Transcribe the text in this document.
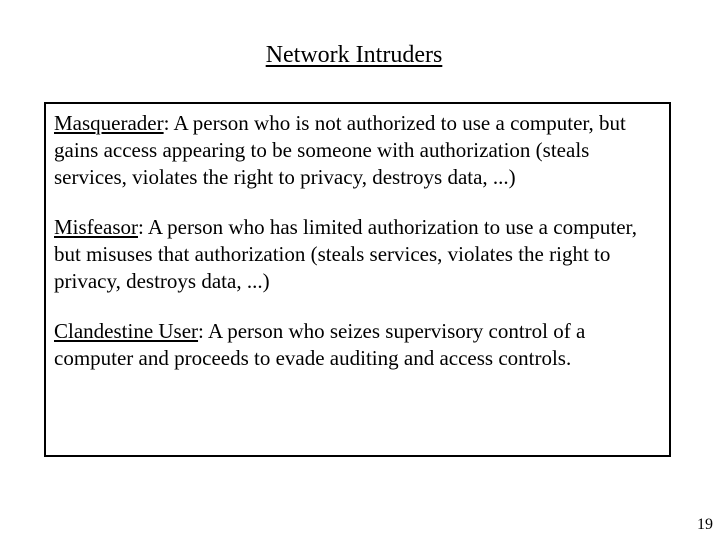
Network Intruders

Masquerader: A person who is not authorized to use a computer, but gains access appearing to be someone with authorization (steals services, violates the right to privacy, destroys data, ...)

Misfeasor: A person who has limited authorization to use a computer, but misuses that authorization (steals services, violates the right to privacy, destroys data, ...)

Clandestine User: A person who seizes supervisory control of a computer and proceeds to evade auditing and access controls.

19
